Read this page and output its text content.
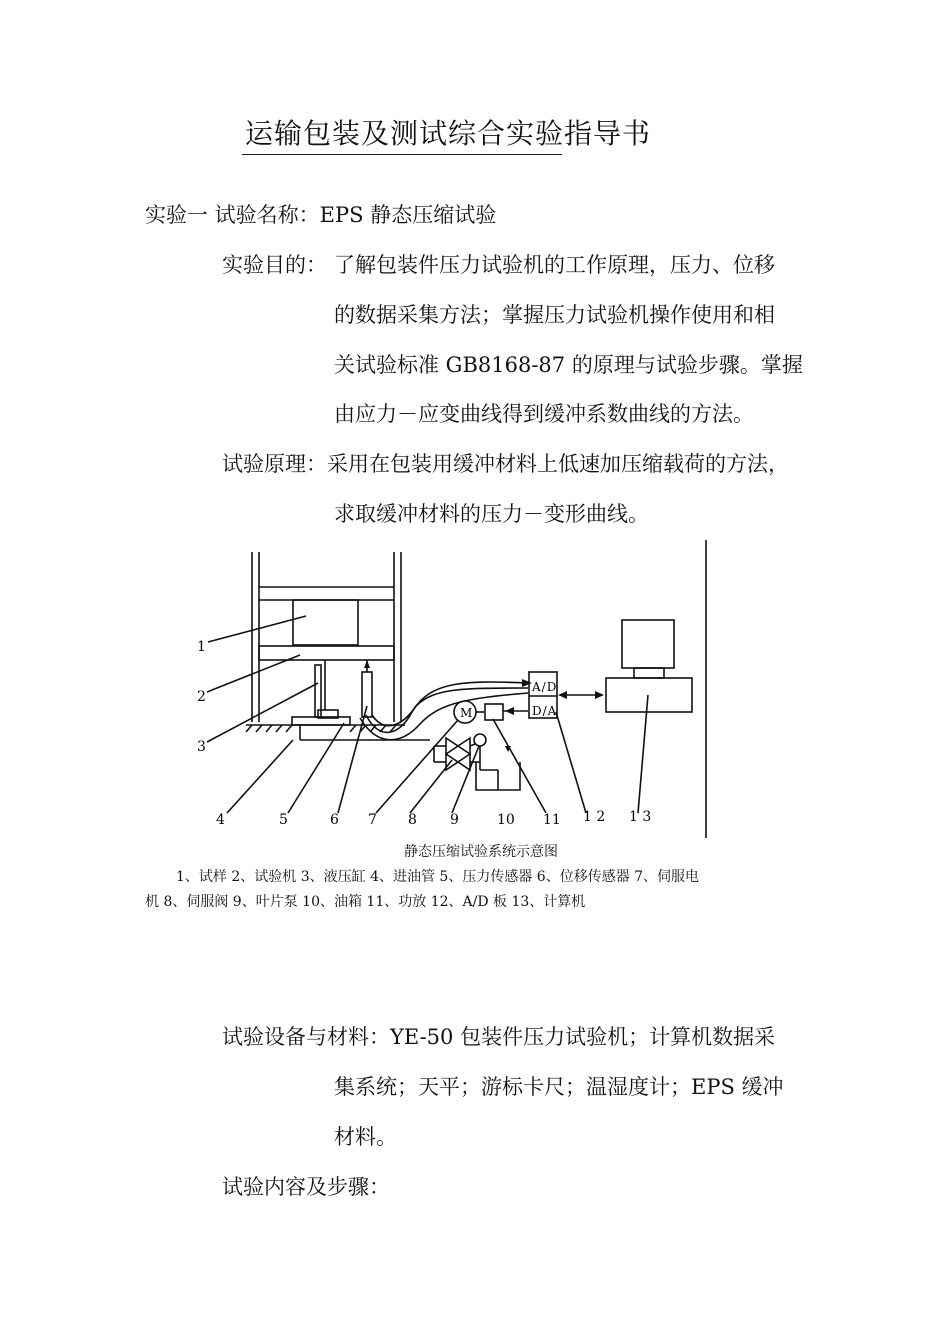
运输包装及测试综合实验指导书
实验一 试验名称：EPS 静态压缩试验
实验目的： 了解包装件压力试验机的工作原理，压力、位移
的数据采集方法；掌握压力试验机操作使用和相
关试验标准 GB8168-87 的原理与试验步骤。掌握
由应力－应变曲线得到缓冲系数曲线的方法。
试验原理： 采用在包装用缓冲材料上低速加压缩载荷的方法，
求取缓冲材料的压力－变形曲线。
1
2
3
4	5	6 7 8 9	10 11 1 2 1 3
M
A/D
D/A
静态压缩试验系统示意图
1、试样 2、试验机 3、液压缸 4、进油管 5、压力传感器 6、位移传感器 7、伺服电
机 8、伺服阀 9、叶片泵 10、油箱 11、功放 12、A/D 板 13、计算机
试验设备与材料： YE-50 包装件压力试验机；计算机数据采
集系统；天平；游标卡尺；温湿度计；EPS 缓冲
材料。
试验内容及步骤：
